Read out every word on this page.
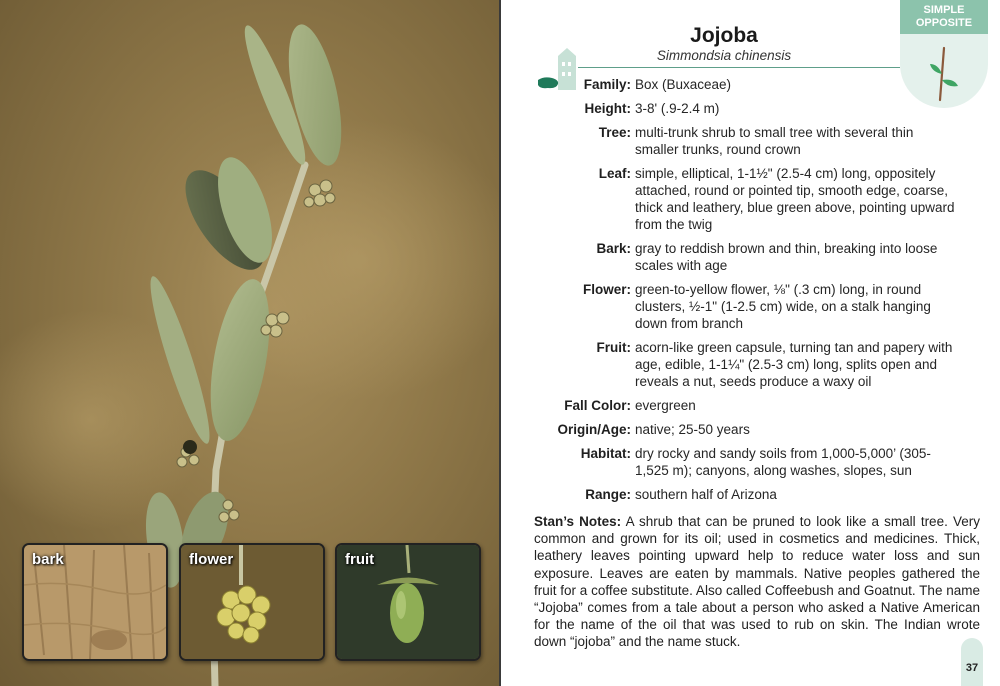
bark	flower	fruit
SIMPLE
OPPOSITE
Jojoba
Simmondsia chinensis
Family: Box (Buxaceae)
Height: 3-8' (.9-2.4 m)
Tree: multi-trunk shrub to small tree with several thin smaller trunks, round crown
Leaf: simple, elliptical, 1-1½" (2.5-4 cm) long, oppositely attached, round or pointed tip, smooth edge, coarse, thick and leathery, blue green above, pointing upward from the twig
Bark: gray to reddish brown and thin, breaking into loose scales with age
Flower: green-to-yellow flower, ⅛" (.3 cm) long, in round clusters, ½-1" (1-2.5 cm) wide, on a stalk hanging down from branch
Fruit: acorn-like green capsule, turning tan and papery with age, edible, 1-1¼" (2.5-3 cm) long, splits open and reveals a nut, seeds produce a waxy oil
Fall Color: evergreen
Origin/Age: native; 25-50 years
Habitat: dry rocky and sandy soils from 1,000-5,000’ (305-1,525 m); canyons, along washes, slopes, sun
Range: southern half of Arizona
Stan’s Notes: A shrub that can be pruned to look like a small tree. Very common and grown for its oil; used in cosmetics and medicines. Thick, leathery leaves pointing upward help to reduce water loss and sun exposure. Leaves are eaten by mammals. Native peoples gathered the fruit for a coffee substitute. Also called Coffeebush and Goatnut. The name “Jojoba” comes from a tale about a person who asked a Native American for the name of the oil that was used to rub on skin. The Indian wrote down “jojoba” and the name stuck.
37
